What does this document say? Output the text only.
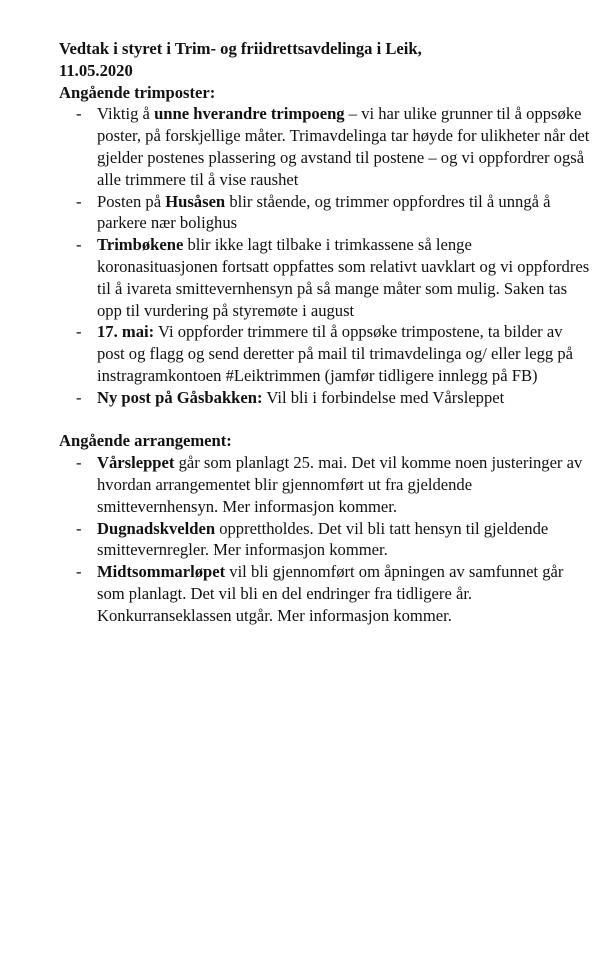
Vedtak i styret i Trim- og friidrettsavdelinga i Leik,
11.05.2020

Angående trimposter:

- Viktig å unne hverandre trimpoeng – vi har ulike grunner til å oppsøke poster, på forskjellige måter. Trimavdelinga tar høyde for ulikheter når det gjelder postenes plassering og avstand til postene – og vi oppfordrer også alle trimmere til å vise raushet
- Posten på Husåsen blir stående, og trimmer oppfordres til å unngå å parkere nær bolighus
- Trimbøkene blir ikke lagt tilbake i trimkassene så lenge koronasituasjonen fortsatt oppfattes som relativt uavklart og vi oppfordres til å ivareta smittevernhensyn på så mange måter som mulig. Saken tas opp til vurdering på styremøte i august
- 17. mai: Vi oppforder trimmere til å oppsøke trimpostene, ta bilder av post og flagg og send deretter på mail til trimavdelinga og/ eller legg på instragramkontoen #Leiktrimmen (jamfør tidligere innlegg på FB)
- Ny post på Gåsbakken: Vil bli i forbindelse med Vårsleppet

Angående arrangement:

- Vårsleppet går som planlagt 25. mai. Det vil komme noen justeringer av hvordan arrangementet blir gjennomført ut fra gjeldende smittevernhensyn. Mer informasjon kommer.
- Dugnadskvelden opprettholdes. Det vil bli tatt hensyn til gjeldende smittevernregler. Mer informasjon kommer.
- Midtsommarløpet vil bli gjennomført om åpningen av samfunnet går som planlagt. Det vil bli en del endringer fra tidligere år. Konkurranseklassen utgår. Mer informasjon kommer.
